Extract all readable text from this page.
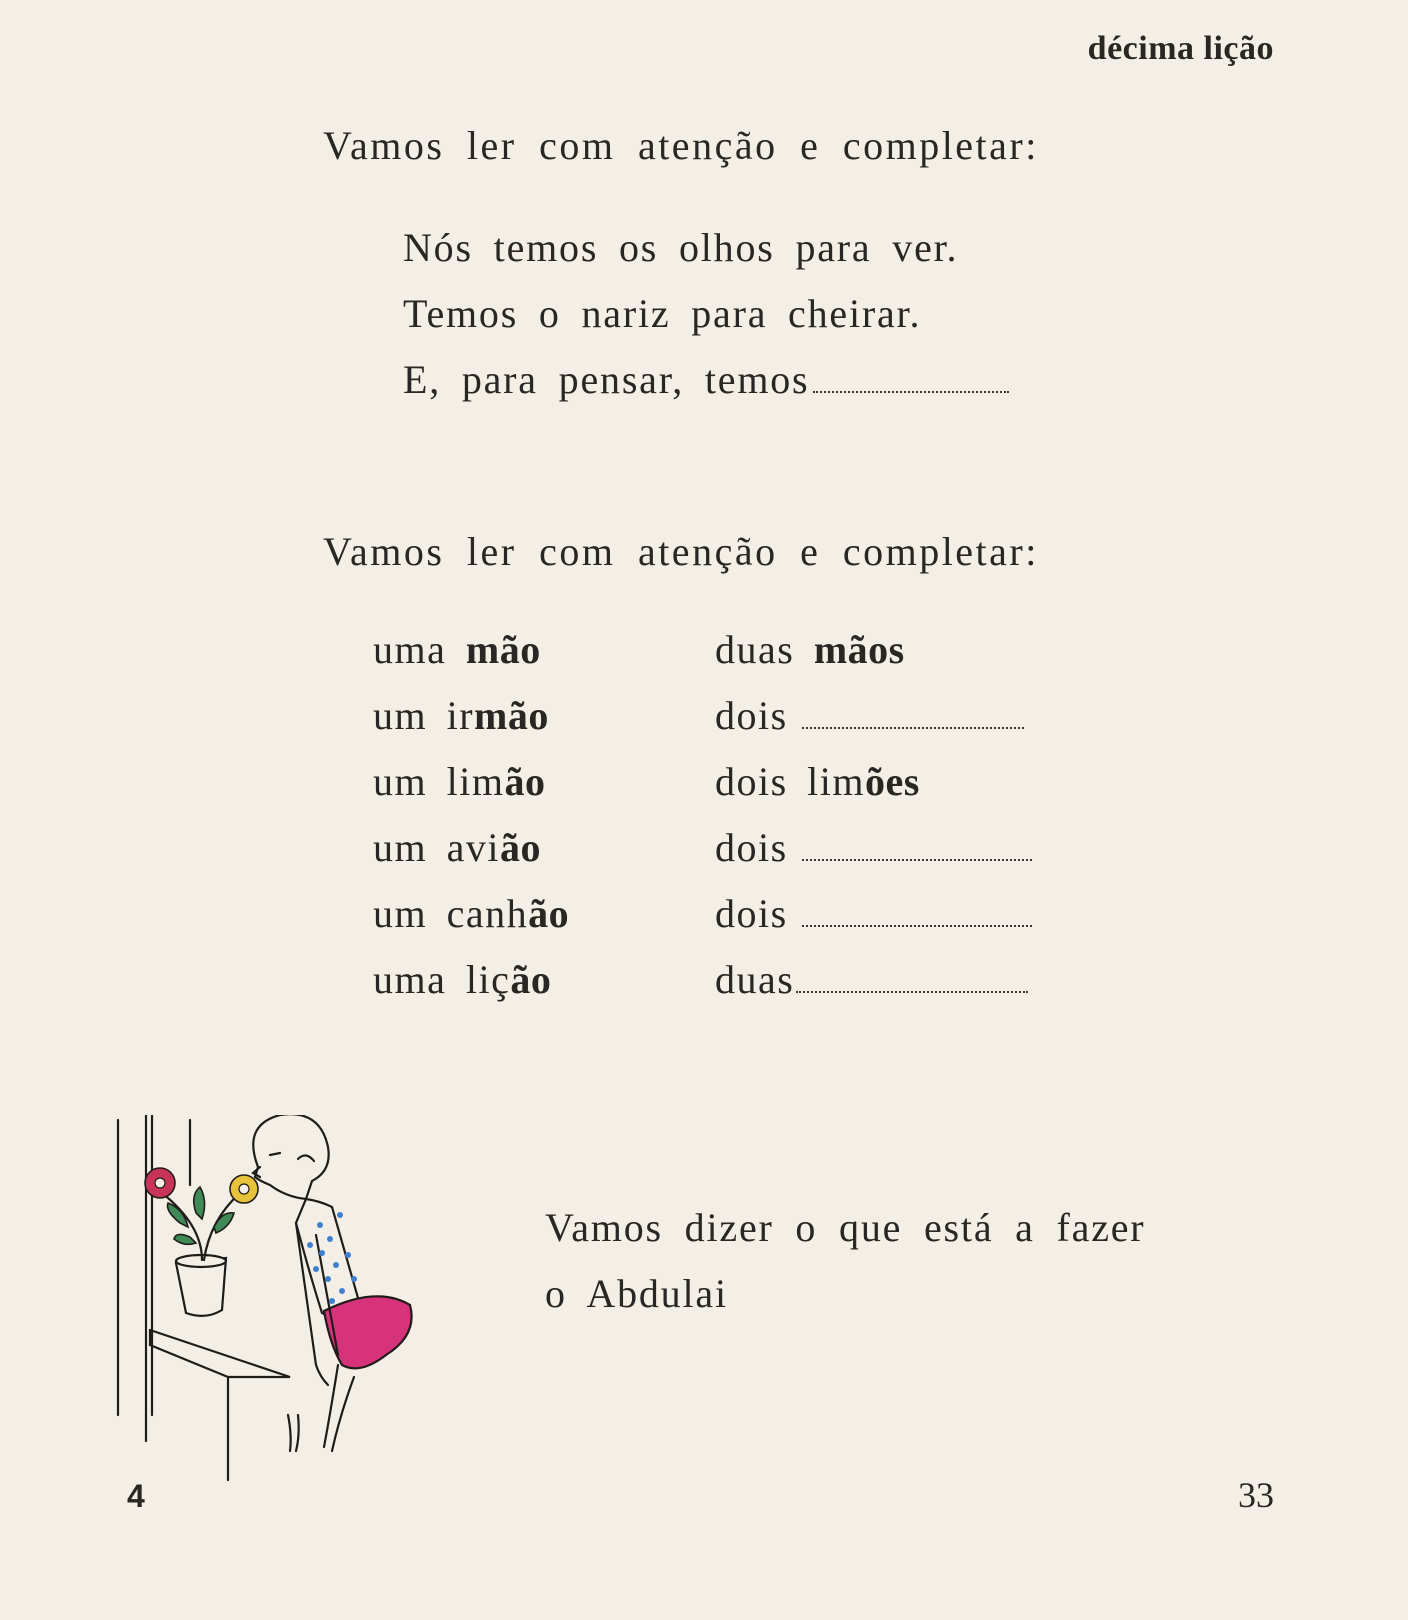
décima lição
Vamos ler com atenção e completar:
Nós temos os olhos para ver.
Temos o nariz para cheirar.
E, para pensar, temos
Vamos ler com atenção e completar:
uma mão	duas mãos
um irmão	dois
um limão	dois limões
um avião	dois
um canhão	dois
uma lição	duas
Vamos dizer o que está a fazer
o Abdulai
4	33
